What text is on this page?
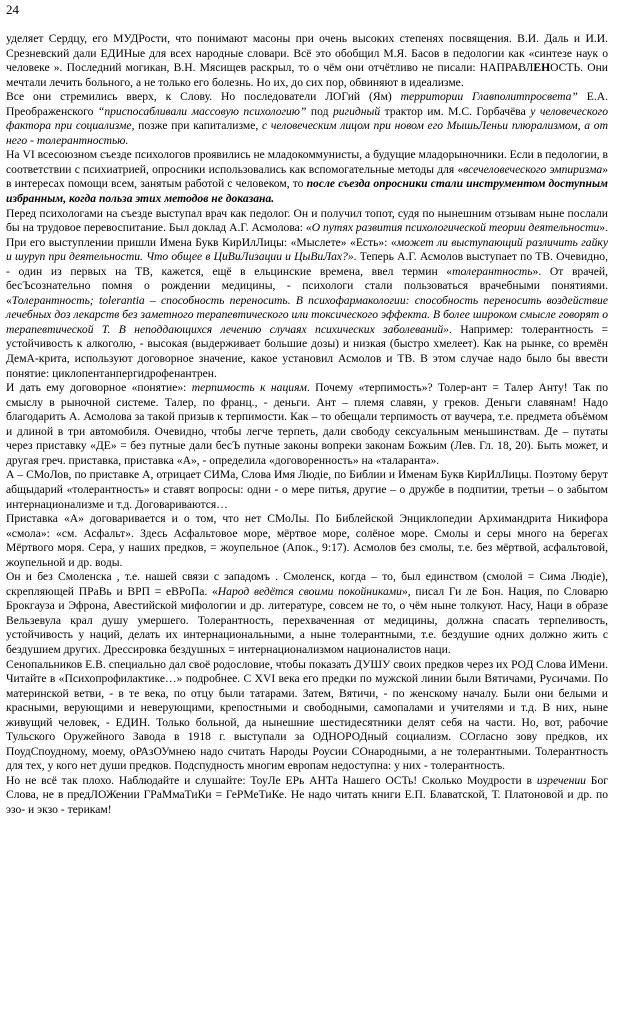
24

уделяет Сердцу, его МУДРости, что понимают масоны при очень высоких степенях посвящения. В.И. Даль и И.И. Срезневский дали ЕДИНые для всех народные словари. Всё это обобщил М.Я. Басов в педологии как «синтезе наук о человеке ». Последний могикан, В.Н. Мясищев раскрыл, то о чём они отчётливо не писали: НАПРАВЛЕНОСТЬ. Они мечтали лечить больного, а не только его болезнь. Но их, до сих пор, обвиняют в идеализме.

Все они стремились вверх, к Слову. Но последователи ЛОГий (Ям) территории Главполитпросвета” Е.А. Преображенского “приспосабливали массовую психологию” под ригидный трактор им. М.С. Горбачёва у человеческого фактора при социализме, позже при капитализме, с человеческим лицом при новом его МышьЛеньи плюрализмом, а от него - толерантностью.

На VI всесоюзном съезде психологов проявились не младокоммунисты, а будущие младорыночники. Если в педологии, в соответствии с психиатрией, опросники использовались как вспомогательные методы для «всечеловеческого эмпиризма» в интересах помощи всем, занятым работой с человеком, то после съезда опросники стали инструментом доступным избранным, когда польза этих методов не доказана.

Перед психологами на съезде выступал врач как педолог. Он и получил топот, судя по нынешним отзывам ныне послали бы на трудовое перевоспитание. Был доклад А.Г. Асмолова: «О путях развития психологической теории деятельности». При его выступлении пришли Имена Букв КирИлЛицы: «Мыслете» «Есть»: «может ли выступающий различить гайку и шуруп при деятельности. Что общее в ЦиВиЛизации и ЦыВиЛах?». Теперь А.Г. Асмолов выступает по ТВ. Очевидно, - один из первых на ТВ, кажется, ещё в ельцинские времена, ввел термин «толерантность». От врачей, бесЪсознательно помня о рождении медицины, - психологи стали пользоваться врачебными понятиями. «Толерантность; tolerantia – способность переносить. В психофармакологии: способность переносить воздействие лечебных доз лекарств без заметного терапевтического или токсического эффекта. В более широком смысле говорят о терапевтической Т. В неподдающихся лечению случаях психических заболеваний». Например: толерантность = устойчивость к алкоголю, - высокая (выдерживает большие дозы) и низкая (быстро хмелеет). Как на рынке, со времён ДемА-крита, используют договорное значение, какое установил Асмолов и ТВ. В этом случае надо было бы ввести понятие: циклопентанпергидрофенантрен.

И дать ему договорное «понятие»: терпимость к нациям. Почему «терпимость»? Толер-ант = Талер Анту! Так по смыслу в рыночной системе. Талер, по франц., - деньги. Ант – племя славян, у греков. Деньги славянам! Надо благодарить А. Асмолова за такой призыв к терпимости. Как – то обещали терпимость от ваучера, т.е. предмета объёмом и длиной в три автомобиля. Очевидно, чтобы легче терпеть, дали свободу сексуальным меньшинствам. Де – путаты через приставку «ДЕ» = без путные дали бесЪ путные законы вопреки законам Божьим (Лев. Гл. 18, 20). Быть может, и другая греч. приставка, приставка «А», - определила «договоренность» на «таларанта».

А – СМоЛов, по приставке А, отрицает СИМа, Слова Имя Людіе, по Библии и Именам Букв КирИлЛицы. Поэтому берут абщыдарий «толерантность» и ставят вопросы: одни - о мере питья, другие – о дружбе в подпитии, третьи – о забытом интернационализме и т.д. Договариваются…

Приставка «А» договаривается и о том, что нет СМоЛы. По Библейской Энциклопедии Архимандрита Никифора «смола»: «см. Асфальт». Здесь Асфальтовое море, мёртвое море, солёное море. Смолы и серы много на берегах Мёртвого моря. Сера, у наших предков, = жоупельное (Апок., 9:17). Асмолов без смолы, т.е. без мёртвой, асфальтовой, жоупельной и др. воды.

Он и без Смоленска , т.е. нашей связи с западомъ . Смоленск, когда – то, был единством (смолой = Сима Людіе), скрепляющей ПРаВь и ВРП = еВРоПа. «Народ ведётся своими покойниками», писал Ги ле Бон. Нация, по Словарю Брокгауза и Эфрона, Авестийской мифологии и др. литературе, совсем не то, о чём ныне толкуют. Насу, Наци в образе Вельзевула крал душу умершего. Толерантность, перехваченная от медицины, должна спасать терпеливость, устойчивость у наций, делать их интернациональными, а ныне толерантными, т.е. бездушие одних должно жить с бездушием других. Дрессировка бездушных = интернационализмом националистов наци.

Сенопальников Е.В. специально дал своё родословие, чтобы показать ДУШУ своих предков через их РОД Слова ИМени. Читайте в «Психопрофилактике…» подробнее. С XVI века его предки по мужской линии были Вятичами, Русичами. По материнской ветви, - в те века, по отцу были татарами. Затем, Вятичи, - по женскому началу. Были они белыми и красными, верующими и неверующими, крепостными и свободными, самопалами и учителями и т.д. В них, ныне живущий человек, - ЕДИН. Только больной, да нынешние шестидесятники делят себя на части. Но, вот, рабочие Тульского Оружейного Завода в 1918 г. выступали за ОДНОРОДный социализм. СОгласно зову предков, их ПоудСпоудному, моему, оРАзОУмнею надо считать Народы Роусии СОнародными, а не толерантными. Толерантность для тех, у кого нет души предков. Подспудность многим европам недоступна: у них - толерантность.

Но не всё так плохо. Наблюдайте и слушайте: ТоуЛе ЕРь АНТа Нашего ОСТь! Сколько Моудрости в изречении Бог Слова, не в предЛОЖении ГРаМмаТиКи = ГеРМеТиКе. Не надо читать книги Е.П. Блаватской, Т. Платоновой и др. по эзо- и экзо - терикам!
